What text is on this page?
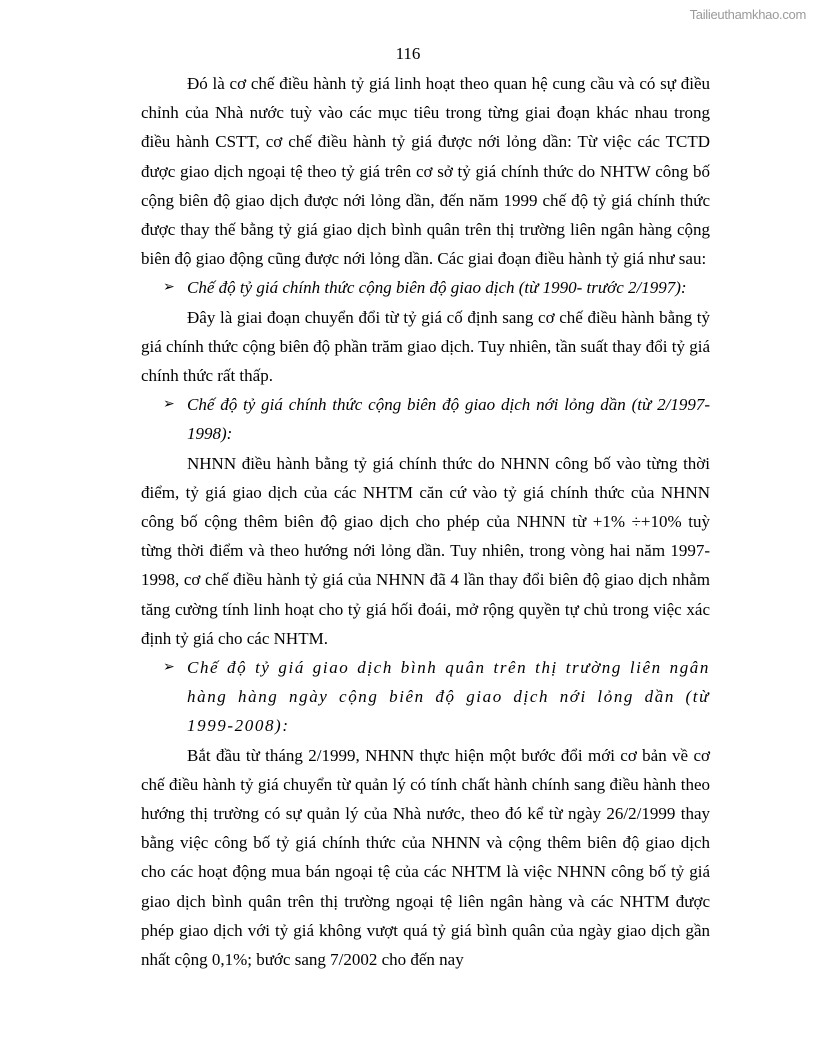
Tailieuthamkhao.com
116

Đó là cơ chế điều hành tỷ giá linh hoạt theo quan hệ cung cầu và có sự điều chỉnh của Nhà nước tuỳ vào các mục tiêu trong từng giai đoạn khác nhau trong điều hành CSTT, cơ chế điều hành tỷ giá được nới lỏng dần: Từ việc các TCTD được giao dịch ngoại tệ theo tỷ giá trên cơ sở tỷ giá chính thức do NHTW công bố cộng biên độ giao dịch được nới lỏng dần, đến năm 1999 chế độ tỷ giá chính thức được thay thế bằng tỷ giá giao dịch bình quân trên thị trường liên ngân hàng cộng biên độ giao động cũng được nới lỏng dần. Các giai đoạn điều hành tỷ giá như sau:

➢ Chế độ tỷ giá chính thức cộng biên độ giao dịch (từ 1990- trước 2/1997):

Đây là giai đoạn chuyển đổi từ tỷ giá cố định sang cơ chế điều hành bằng tỷ giá chính thức cộng biên độ phần trăm giao dịch. Tuy nhiên, tần suất thay đổi tỷ giá chính thức rất thấp.

➢ Chế độ tỷ giá chính thức cộng biên độ giao dịch nới lỏng dần (từ 2/1997-1998):

NHNN điều hành bằng tỷ giá chính thức do NHNN công bố vào từng thời điểm, tỷ giá giao dịch của các NHTM căn cứ vào tỷ giá chính thức của NHNN công bố cộng thêm biên độ giao dịch cho phép của NHNN từ +1% ÷+10% tuỳ từng thời điểm và theo hướng nới lỏng dần. Tuy nhiên, trong vòng hai năm 1997-1998, cơ chế điều hành tỷ giá của NHNN đã 4 lần thay đổi biên độ giao dịch nhằm tăng cường tính linh hoạt cho tỷ giá hối đoái, mở rộng quyền tự chủ trong việc xác định tỷ giá cho các NHTM.

➢ Chế độ tỷ giá giao dịch bình quân trên thị trường liên ngân hàng hàng ngày cộng biên độ giao dịch nới lỏng dần (từ 1999-2008):

Bắt đầu từ tháng 2/1999, NHNN thực hiện một bước đổi mới cơ bản về cơ chế điều hành tỷ giá chuyển từ quản lý có tính chất hành chính sang điều hành theo hướng thị trường có sự quản lý của Nhà nước, theo đó kể từ ngày 26/2/1999 thay bằng việc công bố tỷ giá chính thức của NHNN và cộng thêm biên độ giao dịch cho các hoạt động mua bán ngoại tệ của các NHTM là việc NHNN công bố tỷ giá giao dịch bình quân trên thị trường ngoại tệ liên ngân hàng và các NHTM được phép giao dịch với tỷ giá không vượt quá tỷ giá bình quân của ngày giao dịch gần nhất cộng 0,1%; bước sang 7/2002 cho đến nay
